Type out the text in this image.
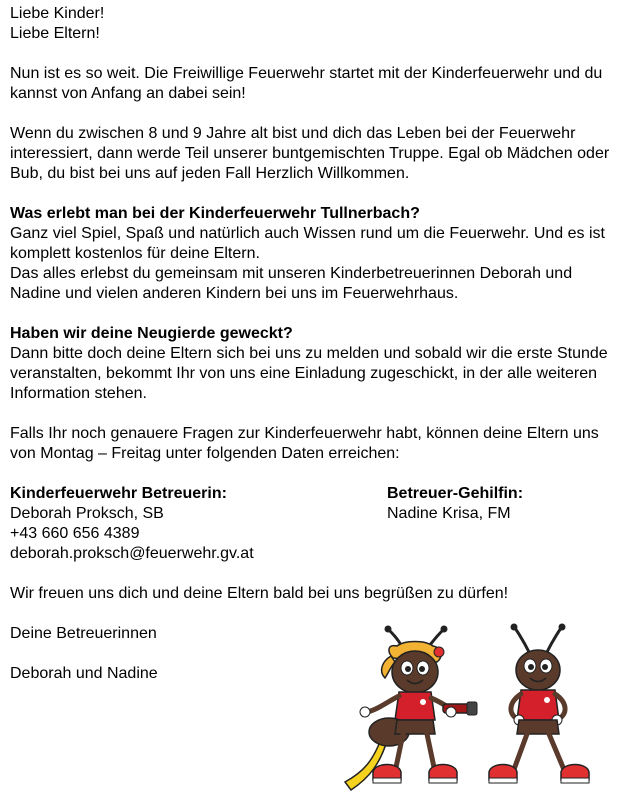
Liebe Kinder!

Liebe Eltern!

Nun ist es so weit. Die Freiwillige Feuerwehr startet mit der Kinderfeuerwehr und du kannst von Anfang an dabei sein!

Wenn du zwischen 8 und 9 Jahre alt bist und dich das Leben bei der Feuerwehr interessiert, dann werde Teil unserer buntgemischten Truppe. Egal ob Mädchen oder Bub, du bist bei uns auf jeden Fall Herzlich Willkommen.

Was erlebt man bei der Kinderfeuerwehr Tullnerbach?

Ganz viel Spiel, Spaß und natürlich auch Wissen rund um die Feuerwehr. Und es ist komplett kostenlos für deine Eltern.

Das alles erlebst du gemeinsam mit unseren Kinderbetreuerinnen Deborah und Nadine und vielen anderen Kindern bei uns im Feuerwehrhaus.

Haben wir deine Neugierde geweckt?

Dann bitte doch deine Eltern sich bei uns zu melden und sobald wir die erste Stunde veranstalten, bekommt Ihr von uns eine Einladung zugeschickt, in der alle weiteren Information stehen.

Falls Ihr noch genauere Fragen zur Kinderfeuerwehr habt, können deine Eltern uns von Montag – Freitag unter folgenden Daten erreichen:

Kinderfeuerwehr Betreuerin:

Deborah Proksch, SB

+43 660 656 4389

deborah.proksch@feuerwehr.gv.at

Betreuer-Gehilfin:

Nadine Krisa, FM

Wir freuen uns dich und deine Eltern bald bei uns begrüßen zu dürfen!

Deine Betreuerinnen

Deborah und Nadine
